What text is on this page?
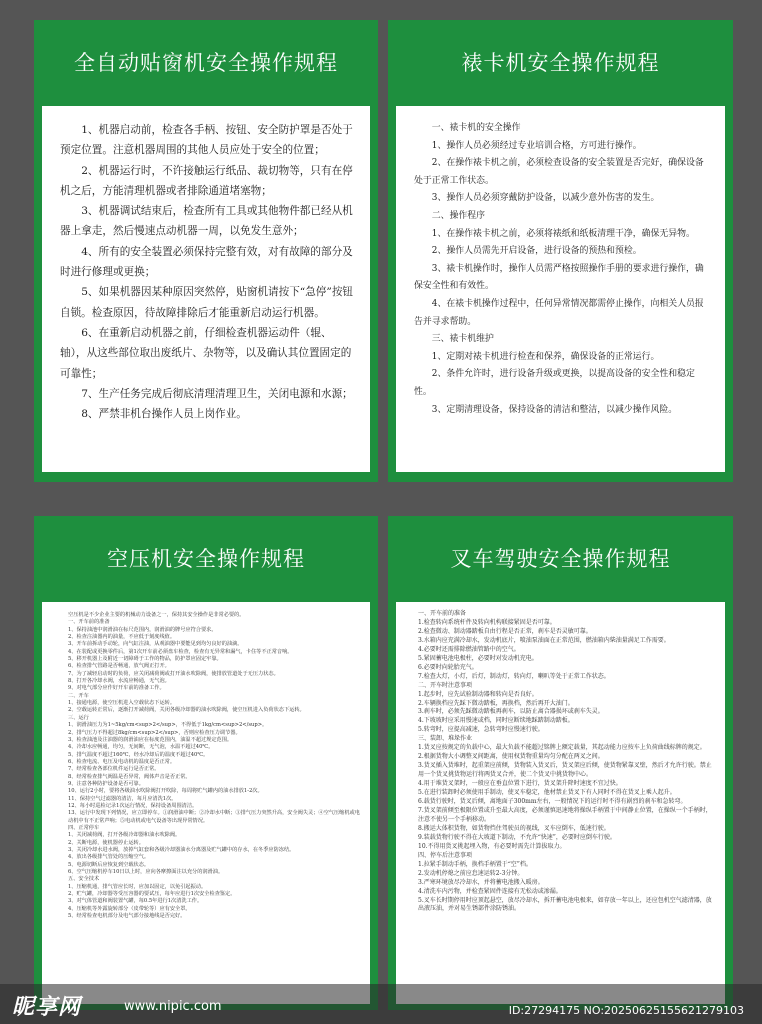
全自动贴窗机安全操作规程

1、机器启动前，检查各手柄、按钮、安全防护罩是否处于预定位置。注意机器周围的其他人员应处于安全的位置；

2、机器运行时，不许接触运行纸品、裁切物等，只有在停机之后，方能清理机器或者排除通道堵塞物；

3、机器调试结束后，检查所有工具或其他物件都已经从机器上拿走，然后慢速点动机器一周，以免发生意外；

4、所有的安全装置必须保持完整有效，对有故障的部分及时进行修理或更换；

5、如果机器因某种原因突然停，贴窗机请按下“急停”按钮自锁。检查原因，待故障排除后才能重新启动运行机器。

6、在重新启动机器之前，仔细检查机器运动件（辊、轴），从这些部位取出废纸片、杂物等，以及确认其位置固定的可靠性；

7、生产任务完成后彻底清理清理卫生，关闭电源和水源；

8、严禁非机台操作人员上岗作业。

裱卡机安全操作规程

一、裱卡机的安全操作

1、操作人员必须经过专业培训合格，方可进行操作。

2、在操作裱卡机之前，必须检查设备的安全装置是否完好，确保设备处于正常工作状态。

3、操作人员必须穿戴防护设备，以减少意外伤害的发生。

二、操作程序

1、在操作裱卡机之前，必须将裱纸和纸板清理干净，确保无异物。

2、操作人员需先开启设备，进行设备的预热和预检。

3、裱卡机操作时，操作人员需严格按照操作手册的要求进行操作，确保安全性和有效性。

4、在裱卡机操作过程中，任何异常情况都需停止操作，向相关人员报告并寻求帮助。

三、裱卡机维护

1、定期对裱卡机进行检查和保养，确保设备的正常运行。

2、条件允许时，进行设备升级或更换，以提高设备的安全性和稳定性。

3、定期清理设备，保持设备的清洁和整洁，以减少操作风险。

空压机安全操作规程

空压机是不少企业主要的机械动力设备之一，保持其安全操作是非常必要的。

一、开车前的准备

1、保持油池中润滑油在标尺范围内，润滑油的牌号应符合要求。

2、检查注油器内的油量，不应低于刻度线值。

3、开车前拆动手动轮，向气缸注油，从观油器中要能见到均匀良好的油滴。

4、在装配或更换零件后，第1次开车前必须盘车检查，检查有无异常和漏气，卡住等不正常音响。

5、移开机器上及附近一切障碍于工作的物品，防护罩应固定牢靠。

6、检查排气管路是否畅通，放气阀正打开。

7、为了减轻启动时的负荷，应关闭减荷阀或打开油水吹除阀，使排放管道处于无压力状态。

8、打开各冷却水阀，水流应畅通，无气泡。

9、对电气部分应作好开车前的准备工作。

二、开车

1、接通电源，使空压机进入空载状态下运转。

2、空载运转正常后，逐渐打开减荷阀，关闭各级冷却器的油水吹除阀，使空压机进入负荷状态下运转。

三、运行

1、润滑油压力为1~5kg/cm<sup>2</sup>，不得低于1kg/cm<sup>2</sup>。

2、排气压力不得超过8kg/cm<sup>2</sup>，否则应检查压力调节器。

3、检查油池及注油器的润滑油应在标度范围内，油温不超过规定范围。

4、冷却水应畅通，均匀，无间断，无气泡，水温不超过40℃。

5、排气温度不超过160℃，经水冷却后的温度不超过40℃。

6、检查电流、电压及电动机的温度是否正常。

7、经常检查各部位机件运行是否正常。

8、经常检查排气阀温是否异常，阀体声音是否正常。

9、注意各种防护设备是否可靠。

10、运行2小时，要将各级油水吹除阀打开吹除，每周将贮气罐内的油水排放1-2次。

11、保持空气过滤器的清洁，每月应清洗1次。

12、每小时巡检记录1次运行情况，保持设备周围清洁。

13、运行中发现下列情况，应立即停车。①润滑油中断；②冷却水中断；③排气压力突然升高，安全阀失灵；④空气压缩机或电动机中有不正常声响；⑤电动机或电气设备等出现异常情况。

四、正常停车

1、关闭减荷阀，打开各级冷却器和油水吹除阀。

2、关断电源，使机器停止运转。

3、关闭冷却水进水阀，放掉气缸套和各级冷却器油水分离器及贮气罐中的存水，在冬季应防冻结。

4、放出各级排气管处的压缩空气。

5、电源切断后应恢复到空载状态。

6、空气压缩机停车10日以上时，应向各摩擦面注以充分的润滑油。

五、安全技术

1、压缩机通，排气管应长时，应加以固定，以免引起振动。

2、贮气罐，冷却器等受压容器的要试压，每年应进行1次安全检查鉴定。

3、对气体管道和阀装置气罐，每0.5年进行1次清洗工作。

4、压缩机等外露旋转部分（皮带轮等）应有安全罩。

5、经常检查电机部分及电气部分接地线是否完好。

叉车驾驶安全操作规程

一、开车前的准备

1.检查转向系统杆件及转向机构联接紧固是否可靠。

2.检查微动、制动器踏板自由行程是否正常，刹车是否灵敏可靠。

3.水箱内应充满冷却水，发动机底片，喷油泵油面在正常范围，燃油箱内柴油量满足工作需要。

4.必要时还需排除燃油管路中的空气。

5.紧固蓄电池电极柱，必要时对发动机充电。

6.必要时向轮胎充气。

7.检查大灯，小灯，后灯，制动灯，转向灯，喇叭等处于正常工作状态。

二、开车时注意事项

1.起步时，应先试验制动器和转向是否良好。

2.车辆换档应先踩下微动踏板，再换档，然后再开大油门。

3.刹车时，必须先踩微动踏板再刹车，以防止离合器损坏或刹车失灵。

4.下坡坡时应采用慢速或档，同时应断续地踩踏制动踏板。

5.转弯时，应提高减速，急转弯时应慢速行驶。

三、装卸、堆垛作业

1.货叉应按规定的负载中心，最大负载不能超过铭牌上额定载量，其起动能力应按车上负荷曲线标牌的规定。

2.根据货物大小调整叉间距离，使用权货物重量均匀分配在两叉之间。

3.货叉插入货堆时，起重架应前倾，货物装入货叉后，货叉架应后倾，使货物紧靠叉壁，然后才允许行驶。禁止用一个货叉挑货物运行将两货叉合并，使二个货叉中挑货物中心。

4.用于堆货叉架时，一般应在垂直位置下进行，货叉架升降时速度不宜过快。

5.在进行装卸时必须使用手制动，使叉车稳定，他材禁止货叉下有人同时不得在货叉上乘人起升。

6.载货行驶时，货叉后倾，离地面子300mm左右，一般情况下的运行时不得有剧烈的刹车和急转弯。

7.货叉架前倾至极限位置或升至最大高度，必须谨慎迅速地将操纵手柄置于中间静止位置，在操纵一个手柄时，注意不使另一个手柄移动。

8.搬运大体积货物，如货物挡住驾驶员的视线，叉车应倒车，低速行驶。

9.装载货物行驶不得在大坡道下制动，不允许“快速”，必要时应倒车行驶。

10.不得用货叉挑起埋入物，有必要时需先计算拔取力。

四、停车后注意事项

1.拉紧手制动手柄，换档手柄置于“空”档。

2.发动机停熄之前应怠速运转2-3分钟。

3.严寒环境放尽冷却水，并将蓄电池搬入暖房。

4.清洗车内污物，并检查紧固件连接有无松动或渗漏。

5.叉车长时期停用时应顶起悬空，放尽冷却水，拆开蓄电池电极来，如存放一年以上，还应包机空气滤清器，放出液压油，并对易生锈部件涂防锈油。

昵享网	www.nipic.com	ID:27294175 NO:20250625155621279103
